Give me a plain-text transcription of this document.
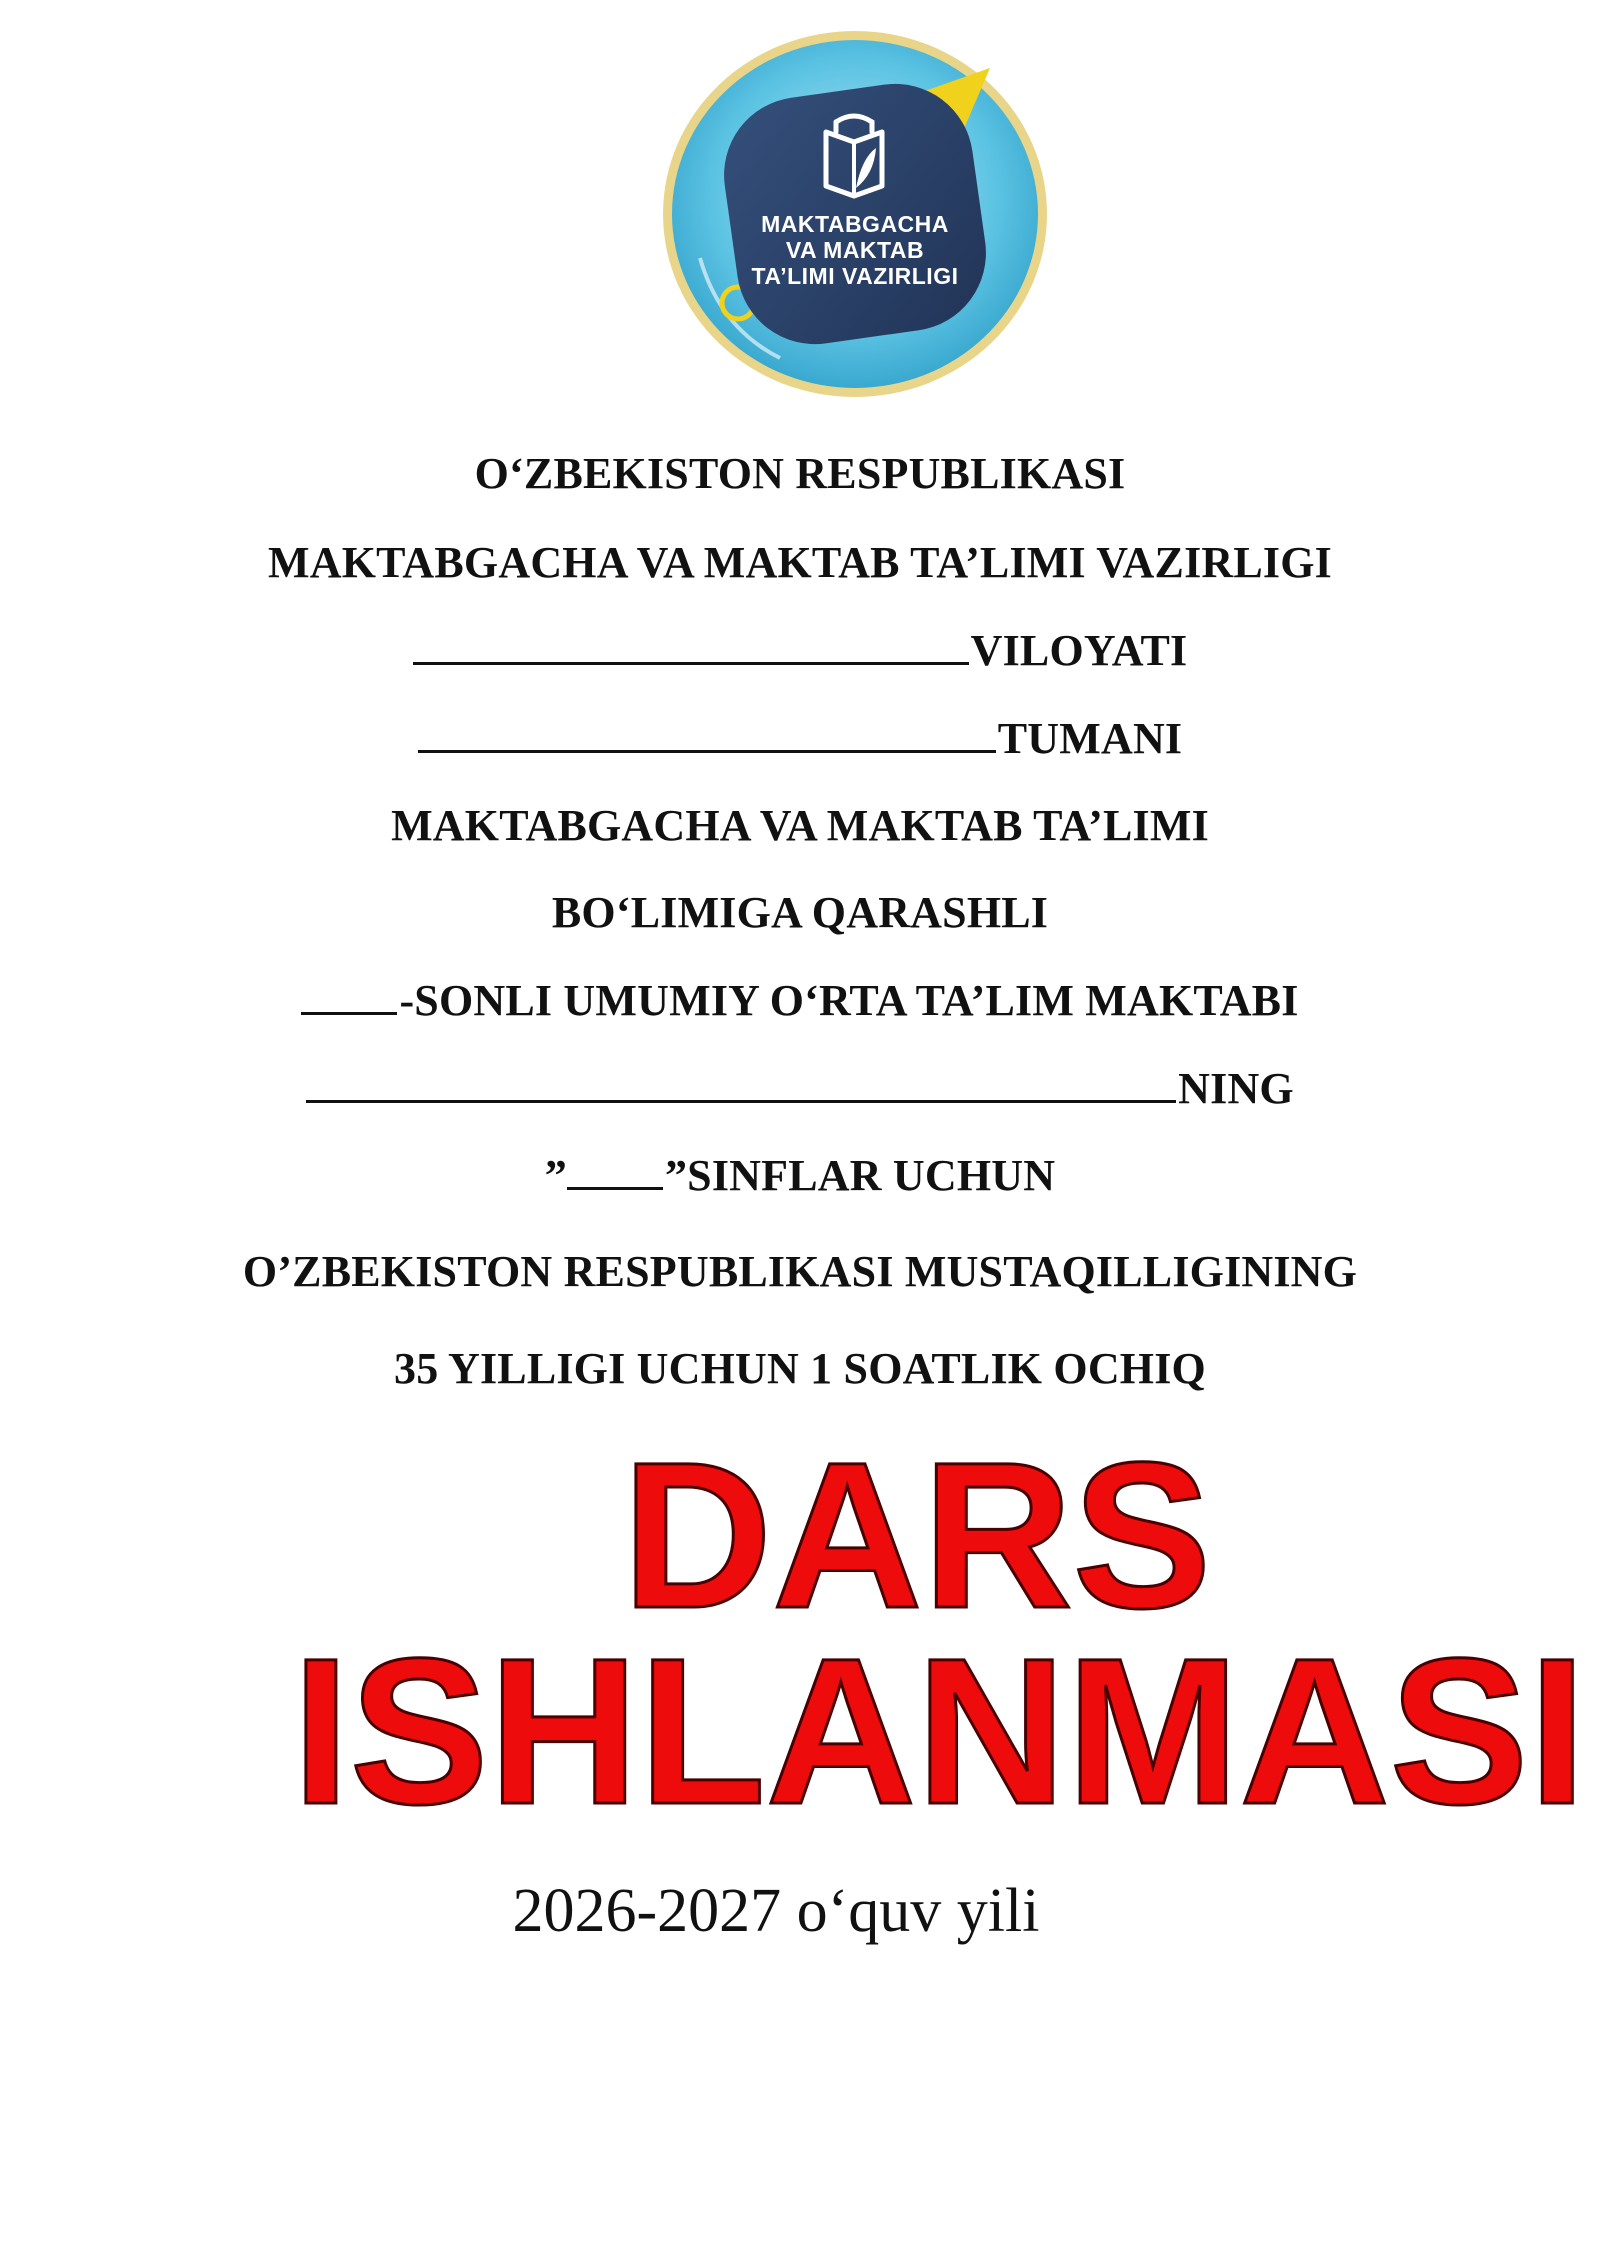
MAKTABGACHA
VA MAKTAB
TA’LIMI VAZIRLIGI
O‘ZBEKISTON RESPUBLIKASI
MAKTABGACHA VA MAKTAB TA’LIMI VAZIRLIGI
VILOYATI
TUMANI
MAKTABGACHA VA MAKTAB TA’LIMI
BO‘LIMIGA QARASHLI
-SONLI UMUMIY O‘RTA TA’LIM MAKTABI
NING
” ”SINFLAR UCHUN
O’ZBEKISTON RESPUBLIKASI MUSTAQILLIGINING
35 YILLIGI UCHUN 1 SOATLIK OCHIQ
DARS
ISHLANMASI
2026-2027 o‘quv yili
